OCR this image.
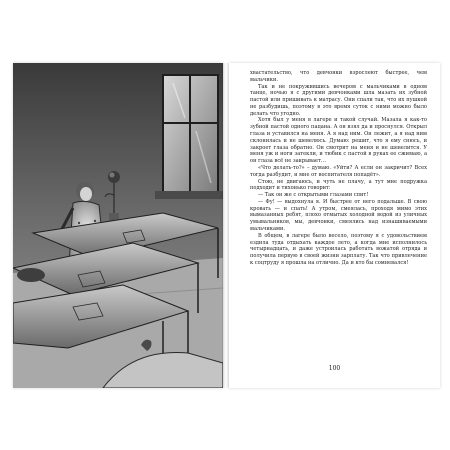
хвастательство, что девчонки взрослеют быстрее, чем мальчики.

Так и не покружившись вечером с мальчиками в одном танце, ночью я с другими девчонками шла мазать их зубной пастой или пришивать к матрасу. Они спали так, что их пушкой не разбудишь, поэтому в это время суток с ними можно было делать что угодно.

Хотя был у меня в лагере и такой случай. Мазала я как-то зубной пастой одного пацана. А он взял да и проснулся. Открыл глаза и уставился на меня. А я над ним. Он лежит, а я над ним склонилась и не шевелюсь. Думаю: решит, что я ему снюсь, и закроет глаза обратно. Он смотрит на меня и не шевелится. У меня уж и ноги затекли, и тюбик с пастой в руках ее сжимаю, а он глаза всё не закрывает…

«Что делать-то?» – думаю. «Уйти? А если он закричит? Всех тогда разбудит, и мне от воспитателя попадёт».

Стою, не двигаюсь, и чуть не плачу, а тут мне подружка подходит и тихонько говорит:

— Так он же с открытыми глазами спит!

— Фу! — выдохнула я. И быстрее от него подальше. В свою кровать — и спать! А утром, смеялась, проходя мимо этих вымазанных ребят, плохо отмытых холодной водой из уличных умывальников, мы, девчонки, смеялись над изнашиваемыми мальчиками.

В общем, в лагере было весело, поэтому я с удовольствием ездила туда отдыхать каждое лето, а когда мне исполнилось четырнадцать, и даже устроилась работать вожатой отряда и получила первую в своей жизни зарплату. Так что привлечение к соцтруду я прошла на отлично. Да и кто бы сомневался!

100
